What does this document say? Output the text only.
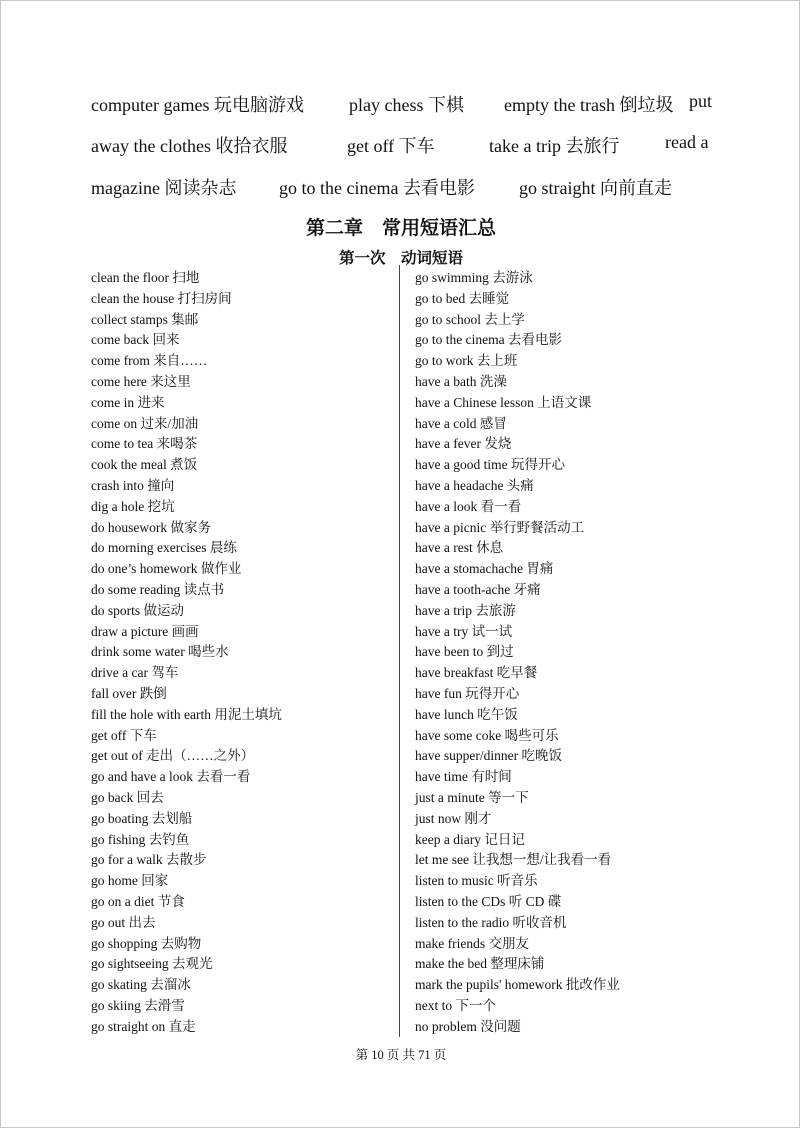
computer games 玩电脑游戏	play chess 下棋 empty the trash 倒垃圾 put
away the clothes 收拾衣服	get off 下车	take a trip 去旅行	read a
magazine 阅读杂志 go to the cinema 去看电影 go straight 向前直走
第二章　常用短语汇总
第一次　动词短语
clean the floor 扫地
clean the house 打扫房间
collect stamps 集邮
come back 回来
come from 来自……
come here 来这里
come in 进来
come on 过来/加油
come to tea 来喝茶
cook the meal 煮饭
crash into 撞向
dig a hole 挖坑
do housework 做家务
do morning exercises 晨练
do one’s homework 做作业
do some reading 读点书
do sports 做运动
draw a picture 画画
drink some water 喝些水
drive a car 驾车
fall over 跌倒
fill the hole with earth 用泥土填坑
get off 下车
get out of 走出（……之外）
go and have a look 去看一看
go back 回去
go boating 去划船
go fishing 去钓鱼
go for a walk 去散步
go home 回家
go on a diet 节食
go out 出去
go shopping 去购物
go sightseeing 去观光
go skating 去溜冰
go skiing 去滑雪
go straight on 直走
go swimming 去游泳
go to bed 去睡觉
go to school 去上学
go to the cinema 去看电影
go to work 去上班
have a bath 洗澡
have a Chinese lesson 上语文课
have a cold 感冒
have a fever 发烧
have a good time 玩得开心
have a headache 头痛
have a look 看一看
have a picnic 举行野餐活动工
have a rest 休息
have a stomachache 胃痛
have a tooth-ache 牙痛
have a trip 去旅游
have a try 试一试
have been to 到过
have breakfast 吃早餐
have fun 玩得开心
have lunch 吃午饭
have some coke 喝些可乐
have supper/dinner 吃晚饭
have time 有时间
just a minute 等一下
just now 刚才
keep a diary 记日记
let me see 让我想一想/让我看一看
listen to music 听音乐
listen to the CDs 听 CD 碟
listen to the radio 听收音机
make friends 交朋友
make the bed 整理床铺
mark the pupils' homework 批改作业
next to 下一个
no problem 没问题
第 10 页 共 71 页
